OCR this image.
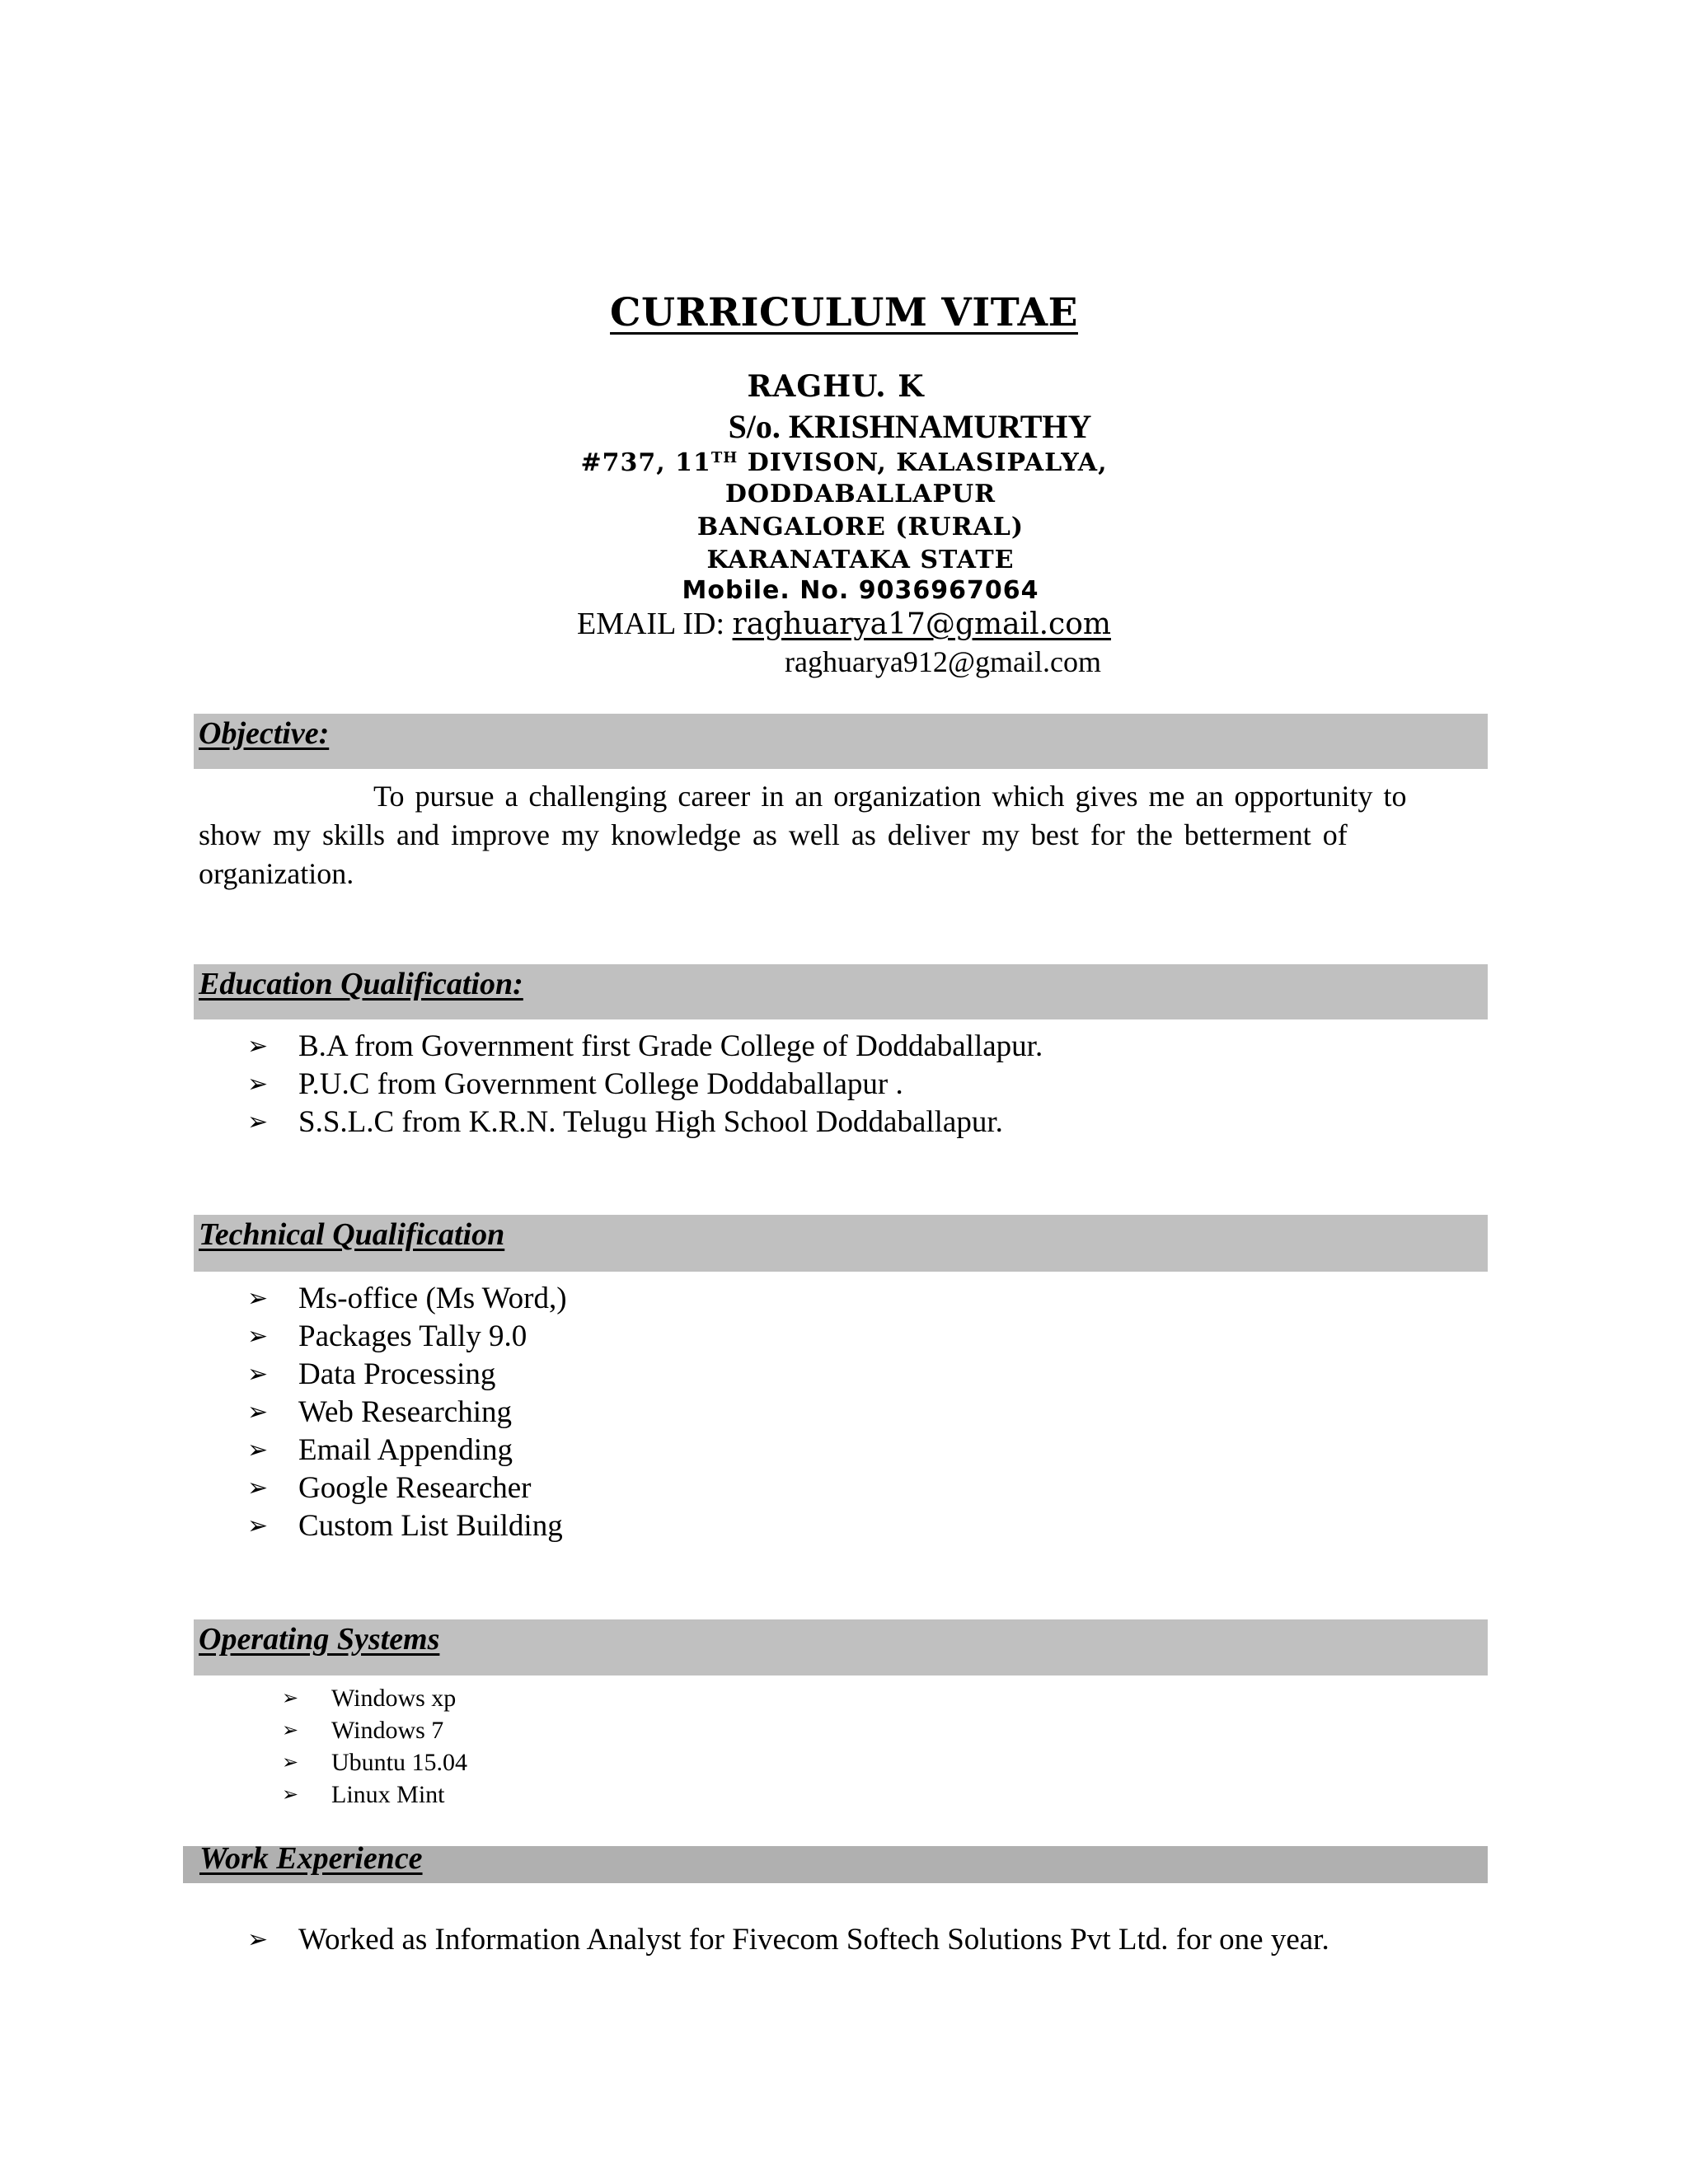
CURRICULUM VITAE
RAGHU. K
S/o. KRISHNAMURTHY
#737, 11TH DIVISON, KALASIPALYA,
DODDABALLAPUR
BANGALORE (RURAL)
KARANATAKA STATE
Mobile. No. 9036967064
EMAIL ID: raghuarya17@gmail.com
raghuarya912@gmail.com
Objective:
To pursue a challenging career in an organization which gives me an opportunity to
show my skills and improve my knowledge as well as deliver my best for the betterment of
organization.
Education Qualification:
➢ B.A from Government first Grade College of Doddaballapur.
➢ P.U.C from Government College Doddaballapur .
➢ S.S.L.C from K.R.N. Telugu High School Doddaballapur.
Technical Qualification
➢ Ms-office (Ms Word,)
➢ Packages Tally 9.0
➢ Data Processing
➢ Web Researching
➢ Email Appending
➢ Google Researcher
➢ Custom List Building
Operating Systems
➢ Windows xp
➢ Windows 7
➢ Ubuntu 15.04
➢ Linux Mint
Work Experience
➢ Worked as Information Analyst for Fivecom Softech Solutions Pvt Ltd. for one year.
